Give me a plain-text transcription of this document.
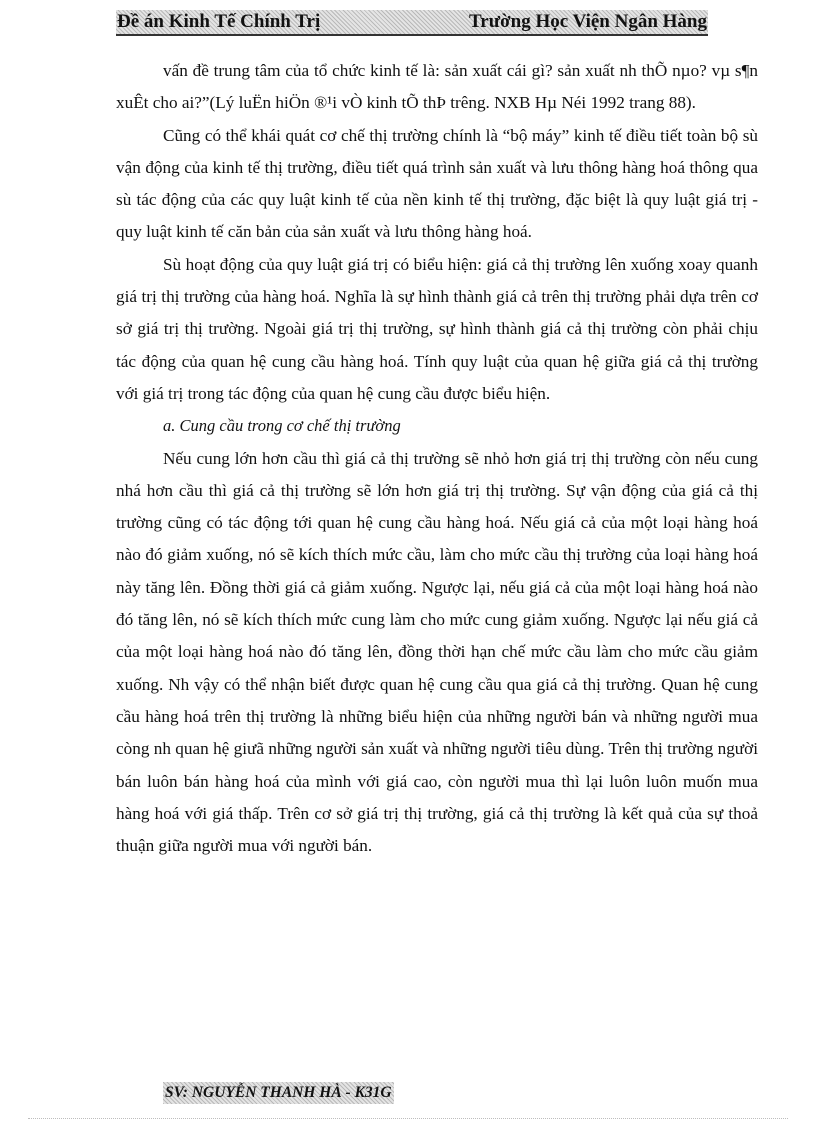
Đề án Kinh Tế Chính Trị	Trường Học Viện Ngân Hàng

vấn đề trung tâm của tổ chức kinh tế là: sản xuất cái gì? sản xuất nh thÕ nµo? vµ s¶n xuÊt cho ai?”(Lý luËn hiÖn ®¹i vÒ kinh tÕ thÞ trêng. NXB Hµ Néi 1992 trang 88).

Cũng có thể khái quát cơ chế thị trường chính là “bộ máy” kinh tế điều tiết toàn bộ sù vận động của kinh tế thị trường, điều tiết quá trình sản xuất và lưu thông hàng hoá thông qua sù tác động của các quy luật kinh tế của nền kinh tế thị trường, đặc biệt là quy luật giá trị - quy luật kinh tế căn bản của sản xuất và lưu thông hàng hoá.

Sù hoạt động của quy luật giá trị có biểu hiện: giá cả thị trường lên xuống xoay quanh giá trị thị trường của hàng hoá. Nghĩa là sự hình thành giá cả trên thị trường phải dựa trên cơ sở giá trị thị trường. Ngoài giá trị thị trường, sự hình thành giá cả thị trường còn phải chịu tác động của quan hệ cung cầu hàng hoá. Tính quy luật của quan hệ giữa giá cả thị trường với giá trị trong tác động của quan hệ cung cầu được biểu hiện.

a. Cung cầu trong cơ chế thị trường

Nếu cung lớn hơn cầu thì giá cả thị trường sẽ nhỏ hơn giá trị thị trường còn nếu cung nhá hơn cầu thì giá cả thị trường sẽ lớn hơn giá trị thị trường. Sự vận động của giá cả thị trường cũng có tác động tới quan hệ cung cầu hàng hoá. Nếu giá cả của một loại hàng hoá nào đó giảm xuống, nó sẽ kích thích mức cầu, làm cho mức cầu thị trường của loại hàng hoá này tăng lên. Đồng thời giá cả giảm xuống. Ngược lại, nếu giá cả của một loại hàng hoá nào đó tăng lên, nó sẽ kích thích mức cung làm cho mức cung giảm xuống. Ngược lại nếu giá cả của một loại hàng hoá nào đó tăng lên, đồng thời hạn chế mức cầu làm cho mức cầu giảm xuống. Nh vậy có thể nhận biết được quan hệ cung cầu qua giá cả thị trường. Quan hệ cung cầu hàng hoá trên thị trường là những biểu hiện của những người bán và những người mua còng nh quan hệ giưã những người sản xuất và những người tiêu dùng. Trên thị trường người bán luôn bán hàng hoá của mình với giá cao, còn người mua thì lại luôn luôn muốn mua hàng hoá với giá thấp. Trên cơ sở giá trị thị trường, giá cả thị trường là kết quả của sự thoả thuận giữa người mua với người bán.

SV: NGUYỄN THANH HÀ - K31G
